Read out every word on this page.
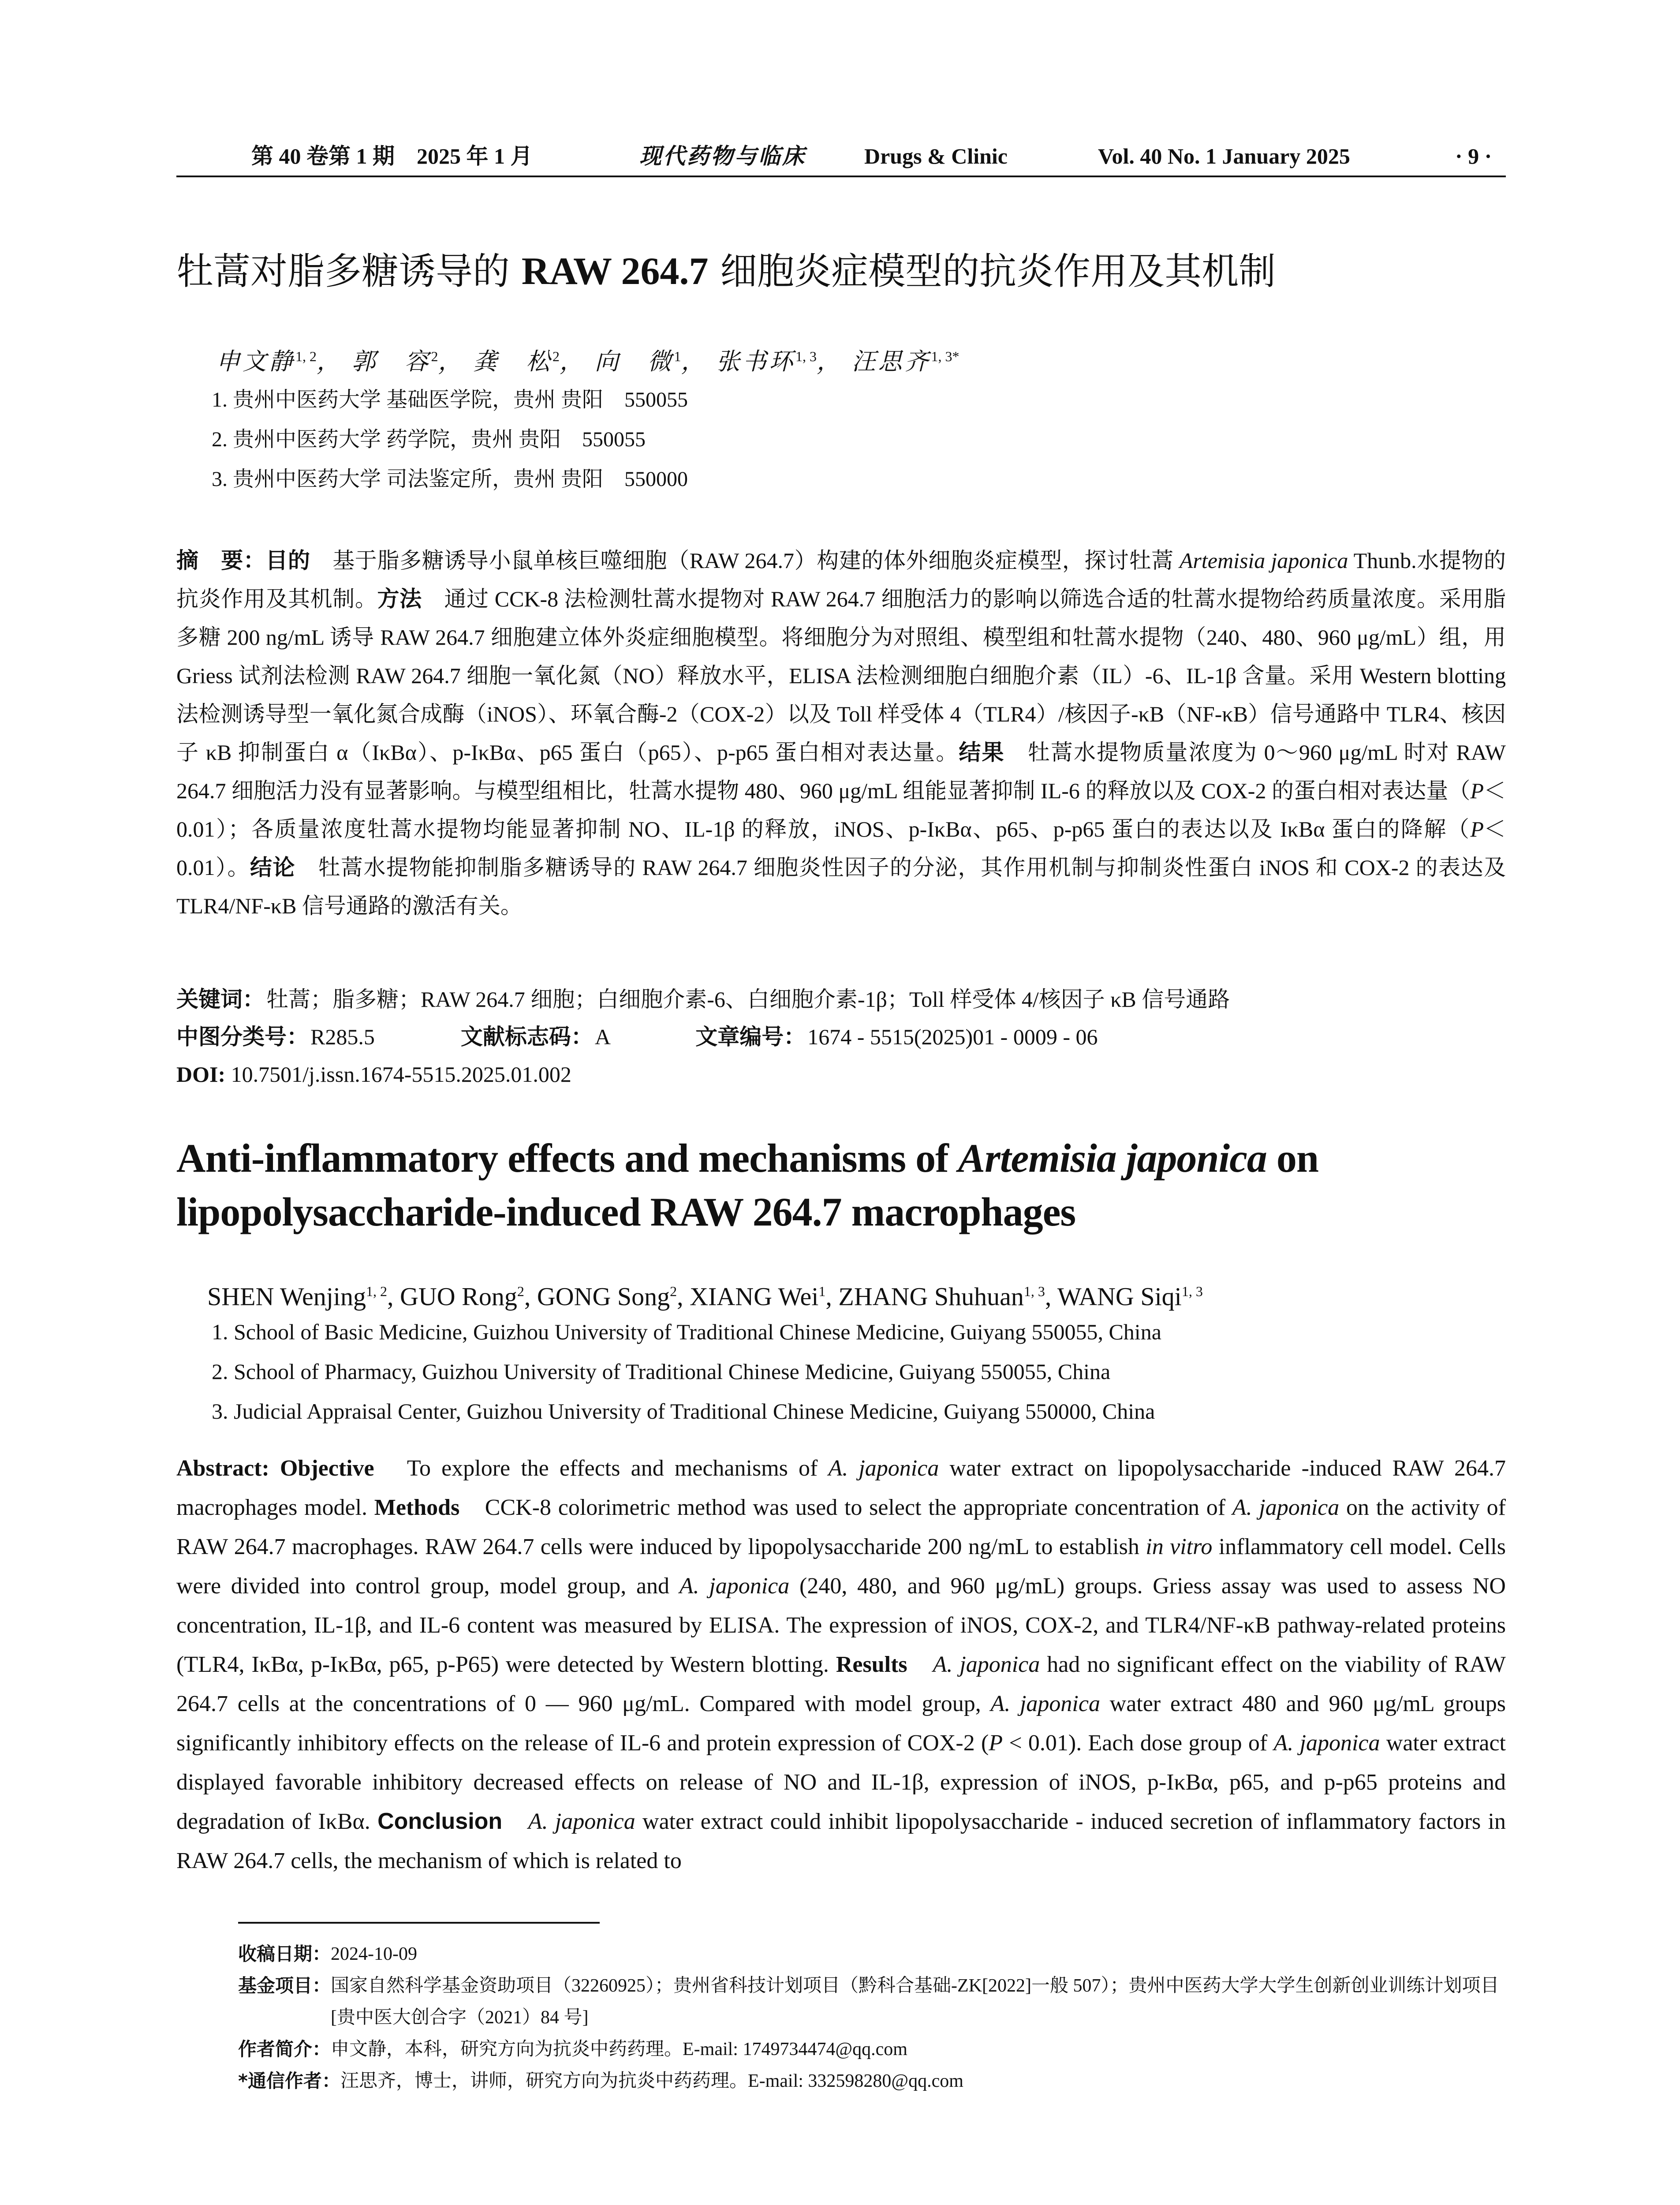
第 40 卷第 1 期　2025 年 1 月	现代药物与临床	Drugs & Clinic	Vol. 40 No. 1 January 2025	· 9 ·
牡蒿对脂多糖诱导的 RAW 264.7 细胞炎症模型的抗炎作用及其机制
申文静$^{1, 2}$， 郭　容$^2$， 龚　松$^2$， 向　微$^1$， 张书环$^{1, 3}$， 汪思齐$^{1, 3*}$
1. 贵州中医药大学 基础医学院，贵州 贵阳　550055
2. 贵州中医药大学 药学院，贵州 贵阳　550055
3. 贵州中医药大学 司法鉴定所，贵州 贵阳　550000
摘　要：目的　基于脂多糖诱导小鼠单核巨噬细胞（RAW 264.7）构建的体外细胞炎症模型，探讨牡蒿 Artemisia japonica Thunb.水提物的抗炎作用及其机制。方法　通过 CCK-8 法检测牡蒿水提物对 RAW 264.7 细胞活力的影响以筛选合适的牡蒿水提物给药质量浓度。采用脂多糖 200 ng/mL 诱导 RAW 264.7 细胞建立体外炎症细胞模型。将细胞分为对照组、模型组和牡蒿水提物（240、480、960 μg/mL）组，用 Griess 试剂法检测 RAW 264.7 细胞一氧化氮（NO）释放水平，ELISA 法检测细胞白细胞介素（IL）-6、IL-1β 含量。采用 Western blotting 法检测诱导型一氧化氮合成酶（iNOS）、环氧合酶-2（COX-2）以及 Toll 样受体 4（TLR4）/核因子-κB（NF-κB）信号通路中 TLR4、核因子 κB 抑制蛋白 α（IκBα）、p-IκBα、p65 蛋白（p65）、p-p65 蛋白相对表达量。结果　牡蒿水提物质量浓度为 0～960 μg/mL 时对 RAW 264.7 细胞活力没有显著影响。与模型组相比，牡蒿水提物 480、960 μg/mL 组能显著抑制 IL-6 的释放以及 COX-2 的蛋白相对表达量（P＜0.01）；各质量浓度牡蒿水提物均能显著抑制 NO、IL-1β 的释放，iNOS、p-IκBα、p65、p-p65 蛋白的表达以及 IκBα 蛋白的降解（P＜0.01）。结论　牡蒿水提物能抑制脂多糖诱导的 RAW 264.7 细胞炎性因子的分泌，其作用机制与抑制炎性蛋白 iNOS 和 COX-2 的表达及 TLR4/NF-κB 信号通路的激活有关。
关键词：牡蒿；脂多糖；RAW 264.7 细胞；白细胞介素-6、白细胞介素-1β；Toll 样受体 4/核因子 κB 信号通路
中图分类号：R285.5	文献标志码：A	文章编号：1674 - 5515(2025)01 - 0009 - 06
DOI: 10.7501/j.issn.1674-5515.2025.01.002
Anti-inflammatory effects and mechanisms of Artemisia japonica on lipopolysaccharide-induced RAW 264.7 macrophages
SHEN Wenjing$^{1, 2}$, GUO Rong$^2$, GONG Song$^2$, XIANG Wei$^1$, ZHANG Shuhuan$^{1, 3}$, WANG Siqi$^{1, 3}$
1. School of Basic Medicine, Guizhou University of Traditional Chinese Medicine, Guiyang 550055, China
2. School of Pharmacy, Guizhou University of Traditional Chinese Medicine, Guiyang 550055, China
3. Judicial Appraisal Center, Guizhou University of Traditional Chinese Medicine, Guiyang 550000, China
Abstract: Objective　To explore the effects and mechanisms of A. japonica water extract on lipopolysaccharide -induced RAW 264.7 macrophages model. Methods　CCK-8 colorimetric method was used to select the appropriate concentration of A. japonica on the activity of RAW 264.7 macrophages. RAW 264.7 cells were induced by lipopolysaccharide 200 ng/mL to establish in vitro inflammatory cell model. Cells were divided into control group, model group, and A. japonica (240, 480, and 960 μg/mL) groups. Griess assay was used to assess NO concentration, IL-1β, and IL-6 content was measured by ELISA. The expression of iNOS, COX-2, and TLR4/NF-κB pathway-related proteins (TLR4, IκBα, p-IκBα, p65, p-P65) were detected by Western blotting. Results　 A. japonica had no significant effect on the viability of RAW 264.7 cells at the concentrations of 0 — 960 μg/mL. Compared with model group, A. japonica water extract 480 and 960 μg/mL groups significantly inhibitory effects on the release of IL-6 and protein expression of COX-2 (P < 0.01). Each dose group of A. japonica water extract displayed favorable inhibitory decreased effects on release of NO and IL-1β, expression of iNOS, p-IκBα, p65, and p-p65 proteins and degradation of IκBα. Conclusion　 A. japonica water extract could inhibit lipopolysaccharide - induced secretion of inflammatory factors in RAW 264.7 cells, the mechanism of which is related to
收稿日期： 2024-10-09
基金项目： 国家自然科学基金资助项目（32260925）；贵州省科技计划项目（黔科合基础-ZK[2022]一般 507）；贵州中医药大学大学生创新创业训练计划项目[贵中医大创合字（2021）84 号]
作者简介： 申文静，本科，研究方向为抗炎中药药理。E-mail: 1749734474@qq.com
*通信作者： 汪思齐，博士，讲师，研究方向为抗炎中药药理。E-mail: 332598280@qq.com
